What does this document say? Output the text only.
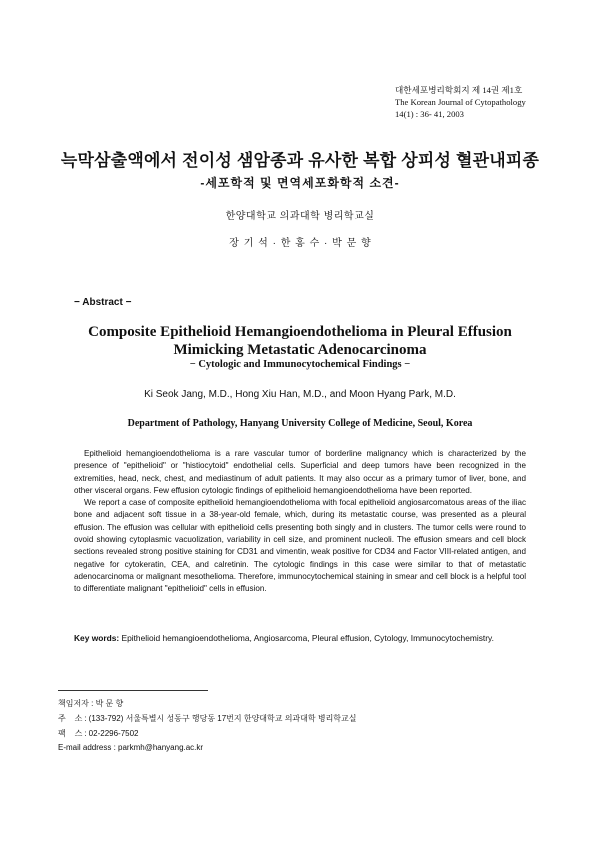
대한세포병리학회지 제 14권 제1호
The Korean Journal of Cytopathology
14(1) : 36- 41, 2003
늑막삼출액에서 전이성 샘암종과 유사한 복합 상피성 혈관내피종
-세포학적 및 면역세포화학적 소견-
한양대학교 의과대학 병리학교실
장 기 석 · 한 홍 수 · 박 문 향
− Abstract −
Composite Epithelioid Hemangioendothelioma in Pleural Effusion
Mimicking Metastatic Adenocarcinoma
− Cytologic and Immunocytochemical Findings −
Ki Seok Jang, M.D., Hong Xiu Han, M.D., and Moon Hyang Park, M.D.
Department of Pathology, Hanyang University College of Medicine, Seoul, Korea

Epithelioid hemangioendothelioma is a rare vascular tumor of borderline malignancy which is characterized by the presence of "epithelioid" or "histiocytoid" endothelial cells. Superficial and deep tumors have been recognized in the extremities, head, neck, chest, and mediastinum of adult patients. It may also occur as a primary tumor of liver, bone, and other visceral organs. Few effusion cytologic findings of epithelioid hemangioendothelioma have been reported.

We report a case of composite epithelioid hemangioendothelioma with focal epithelioid angiosarcomatous areas of the iliac bone and adjacent soft tissue in a 38-year-old female, which, during its metastatic course, was presented as a pleural effusion. The effusion was cellular with epithelioid cells presenting both singly and in clusters. The tumor cells were round to ovoid showing cytoplasmic vacuolization, variability in cell size, and prominent nucleoli. The effusion smears and cell block sections revealed strong positive staining for CD31 and vimentin, weak positive for CD34 and Factor VIII-related antigen, and negative for cytokeratin, CEA, and calretinin. The cytologic findings in this case were similar to that of metastatic adenocarcinoma or malignant mesothelioma. Therefore, immunocytochemical staining in smear and cell block is a helpful tool to differentiate malignant "epithelioid" cells in effusion.

Key words: Epithelioid hemangioendothelioma, Angiosarcoma, Pleural effusion, Cytology, Immunocytochemistry.
책임저자 : 박 문 향
주 소 : (133-792) 서울특별시 성동구 행당동 17번지 한양대학교 의과대학 병리학교실
팩 스 : 02-2296-7502
E-mail address : parkmh@hanyang.ac.kr
